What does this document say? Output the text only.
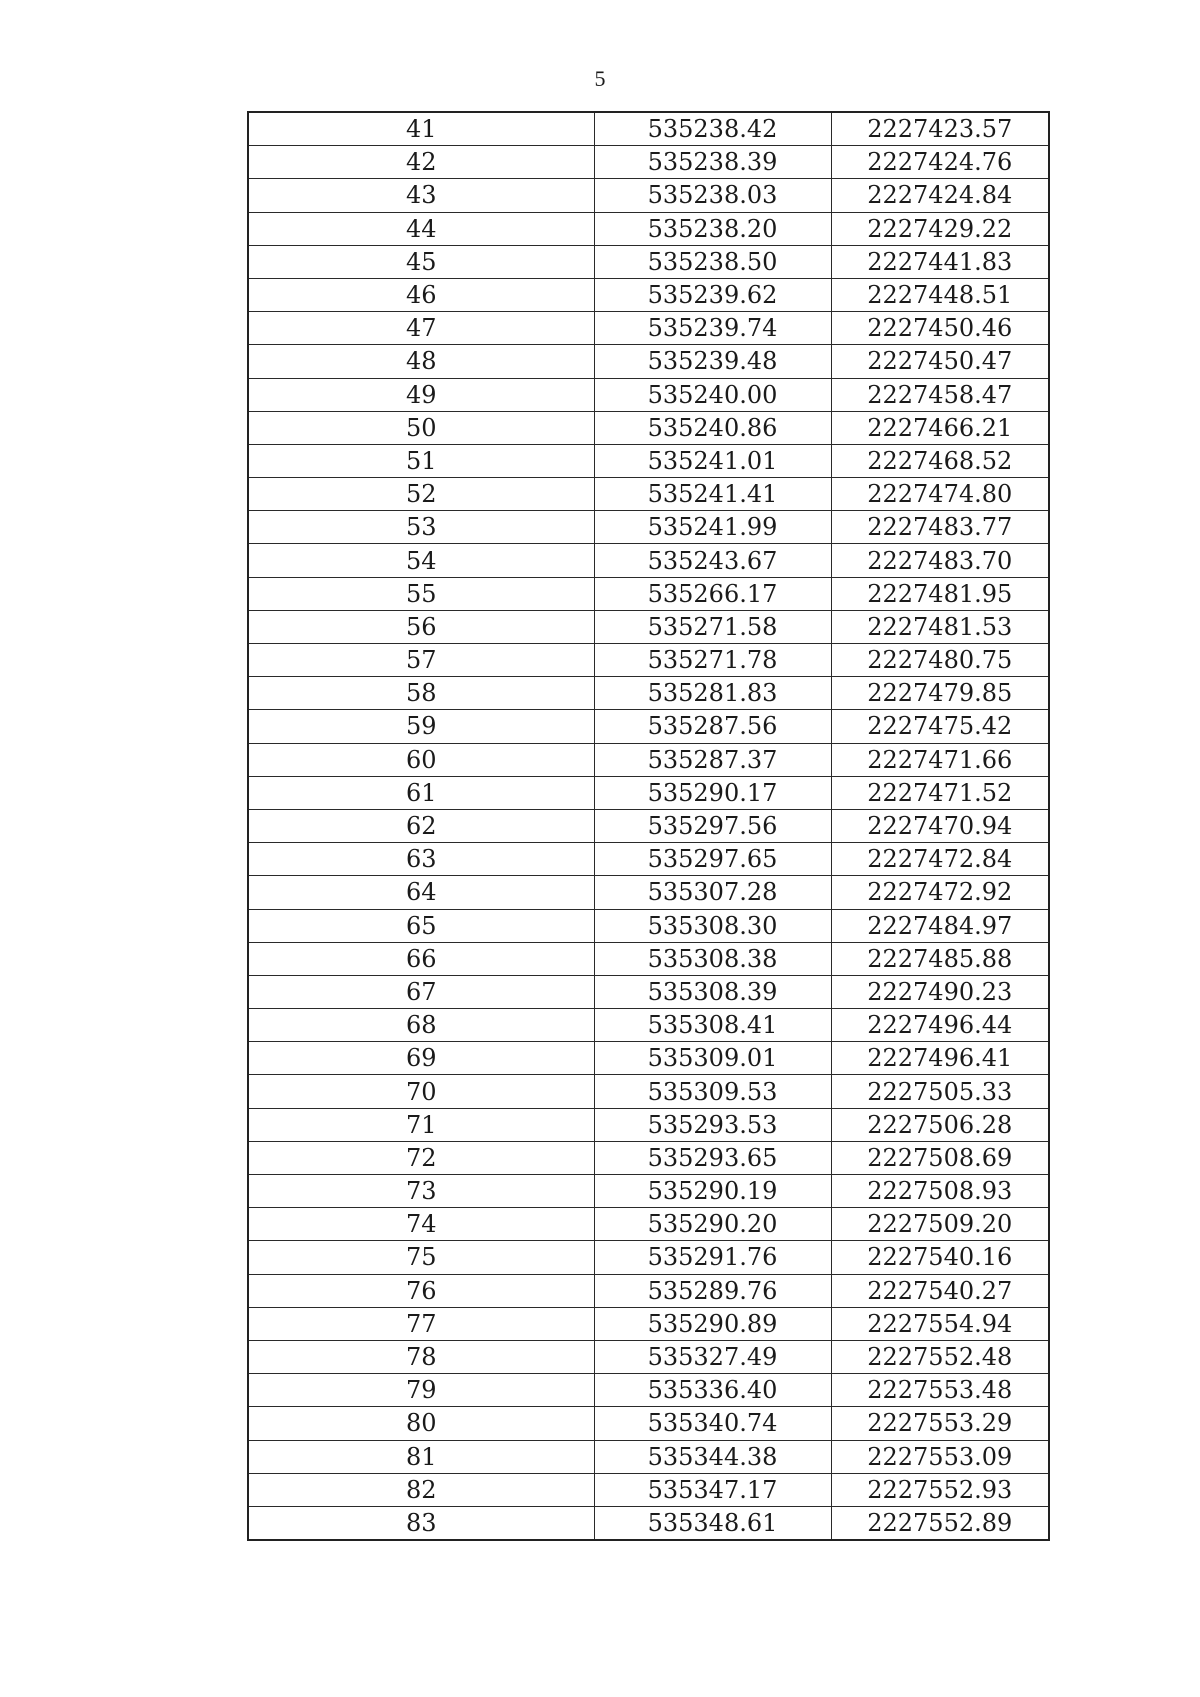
5
41	535238.42	2227423.57
42	535238.39	2227424.76
43	535238.03	2227424.84
44	535238.20	2227429.22
45	535238.50	2227441.83
46	535239.62	2227448.51
47	535239.74	2227450.46
48	535239.48	2227450.47
49	535240.00	2227458.47
50	535240.86	2227466.21
51	535241.01	2227468.52
52	535241.41	2227474.80
53	535241.99	2227483.77
54	535243.67	2227483.70
55	535266.17	2227481.95
56	535271.58	2227481.53
57	535271.78	2227480.75
58	535281.83	2227479.85
59	535287.56	2227475.42
60	535287.37	2227471.66
61	535290.17	2227471.52
62	535297.56	2227470.94
63	535297.65	2227472.84
64	535307.28	2227472.92
65	535308.30	2227484.97
66	535308.38	2227485.88
67	535308.39	2227490.23
68	535308.41	2227496.44
69	535309.01	2227496.41
70	535309.53	2227505.33
71	535293.53	2227506.28
72	535293.65	2227508.69
73	535290.19	2227508.93
74	535290.20	2227509.20
75	535291.76	2227540.16
76	535289.76	2227540.27
77	535290.89	2227554.94
78	535327.49	2227552.48
79	535336.40	2227553.48
80	535340.74	2227553.29
81	535344.38	2227553.09
82	535347.17	2227552.93
83	535348.61	2227552.89
